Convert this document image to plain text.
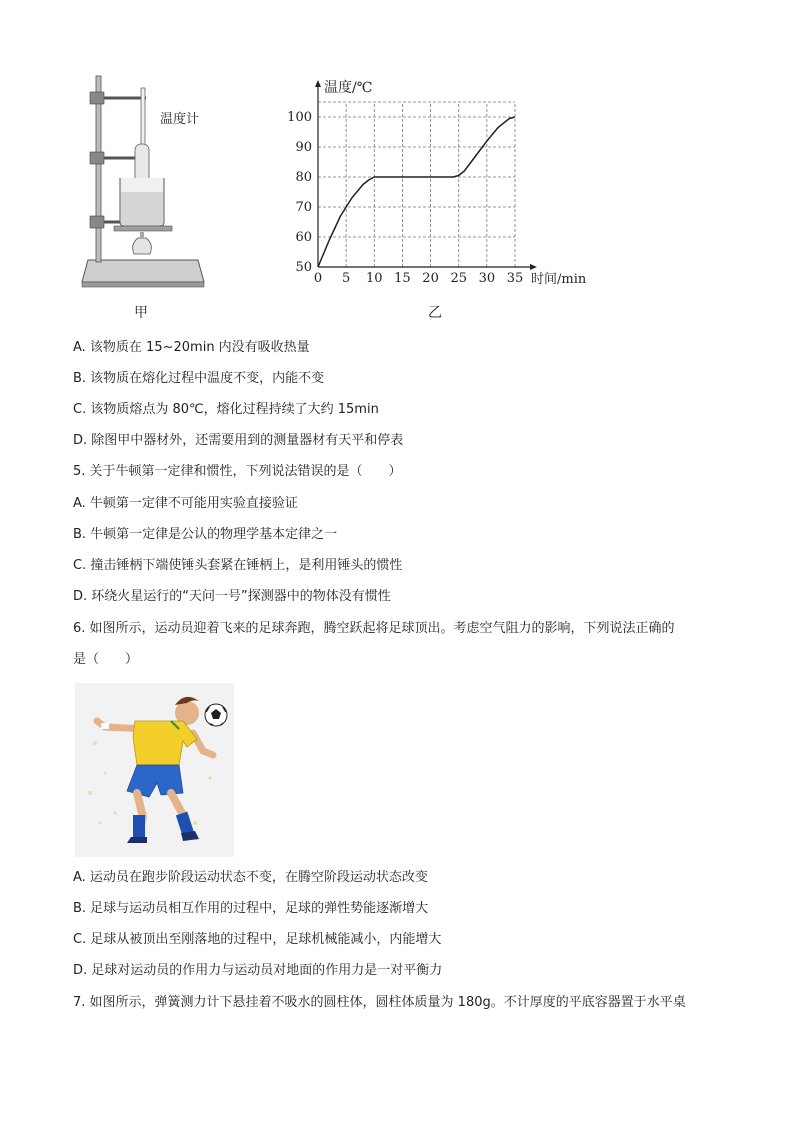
温度计
甲
0 5 10 15 20 25 30 35
50
60
70
80
90
100
温度/℃
时间/min
乙
A. 该物质在 15~20min 内没有吸收热量
B. 该物质在熔化过程中温度不变，内能不变
C. 该物质熔点为 80℃，熔化过程持续了大约 15min
D. 除图甲中器材外，还需要用到的测量器材有天平和停表
5. 关于牛顿第一定律和惯性，下列说法错误的是（　　）
A. 牛顿第一定律不可能用实验直接验证
B. 牛顿第一定律是公认的物理学基本定律之一
C. 撞击锤柄下端使锤头套紧在锤柄上，是利用锤头的惯性
D. 环绕火星运行的“天问一号”探测器中的物体没有惯性
6. 如图所示，运动员迎着飞来的足球奔跑，腾空跃起将足球顶出。考虑空气阻力的影响，下列说法正确的
是（　　）
A. 运动员在跑步阶段运动状态不变，在腾空阶段运动状态改变
B. 足球与运动员相互作用的过程中，足球的弹性势能逐渐增大
C. 足球从被顶出至刚落地的过程中，足球机械能减小，内能增大
D. 足球对运动员的作用力与运动员对地面的作用力是一对平衡力
7. 如图所示，弹簧测力计下悬挂着不吸水的圆柱体，圆柱体质量为 180g。不计厚度的平底容器置于水平桌
